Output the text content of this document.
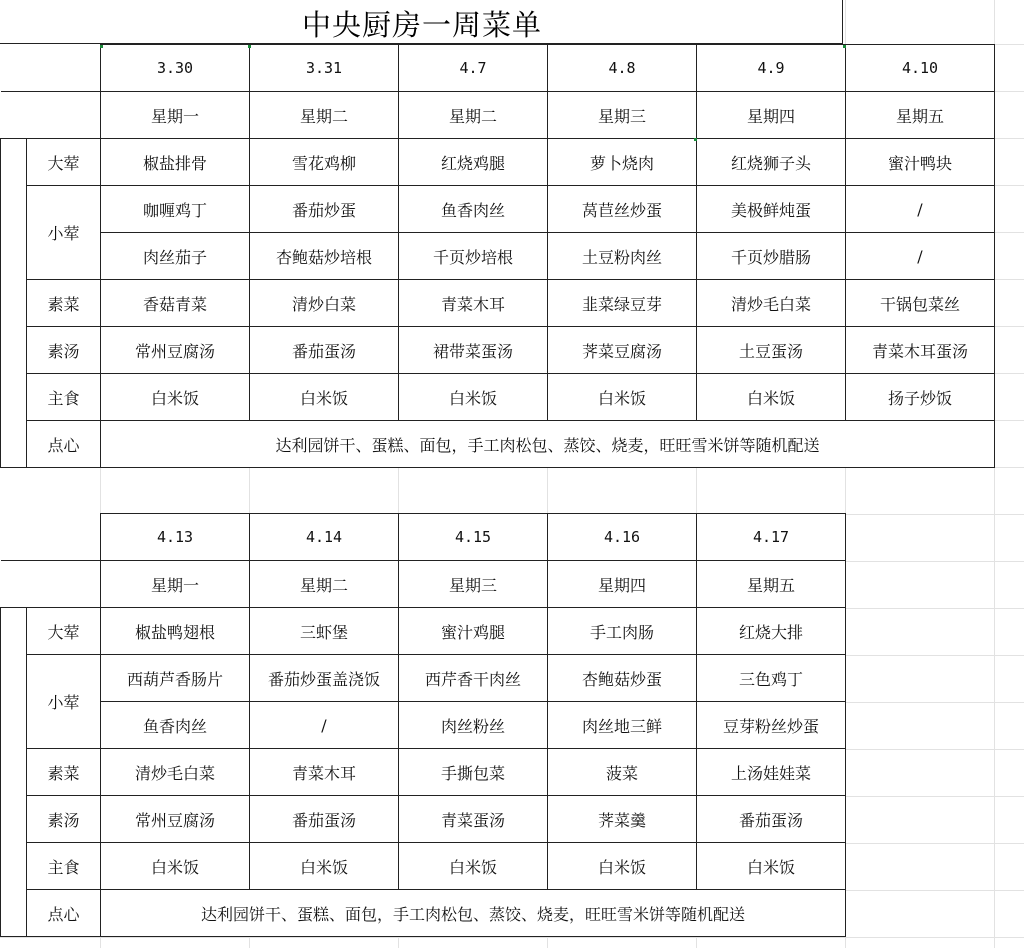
中央厨房一周菜单
		3.30	3.31	4.7	4.8	4.9	4.10
		星期一	星期二	星期二	星期三	星期四	星期五
	大荤	椒盐排骨	雪花鸡柳	红烧鸡腿	萝卜烧肉	红烧狮子头	蜜汁鸭块
	小荤	咖喱鸡丁	番茄炒蛋	鱼香肉丝	莴苣丝炒蛋	美极鲜炖蛋	/
		肉丝茄子	杏鲍菇炒培根	千页炒培根	土豆粉肉丝	千页炒腊肠	/
	素菜	香菇青菜	清炒白菜	青菜木耳	韭菜绿豆芽	清炒毛白菜	干锅包菜丝
	素汤	常州豆腐汤	番茄蛋汤	裙带菜蛋汤	荠菜豆腐汤	土豆蛋汤	青菜木耳蛋汤
	主食	白米饭	白米饭	白米饭	白米饭	白米饭	扬子炒饭
	点心	达利园饼干、蛋糕、面包，手工肉松包、蒸饺、烧麦，旺旺雪米饼等随机配送					
		4.13	4.14	4.15	4.16	4.17
		星期一	星期二	星期三	星期四	星期五
	大荤	椒盐鸭翅根	三虾堡	蜜汁鸡腿	手工肉肠	红烧大排
	小荤	西葫芦香肠片	番茄炒蛋盖浇饭	西芹香干肉丝	杏鲍菇炒蛋	三色鸡丁
		鱼香肉丝	/	肉丝粉丝	肉丝地三鲜	豆芽粉丝炒蛋
	素菜	清炒毛白菜	青菜木耳	手撕包菜	菠菜	上汤娃娃菜
	素汤	常州豆腐汤	番茄蛋汤	青菜蛋汤	荠菜羹	番茄蛋汤
	主食	白米饭	白米饭	白米饭	白米饭	白米饭
	点心	达利园饼干、蛋糕、面包，手工肉松包、蒸饺、烧麦，旺旺雪米饼等随机配送				
